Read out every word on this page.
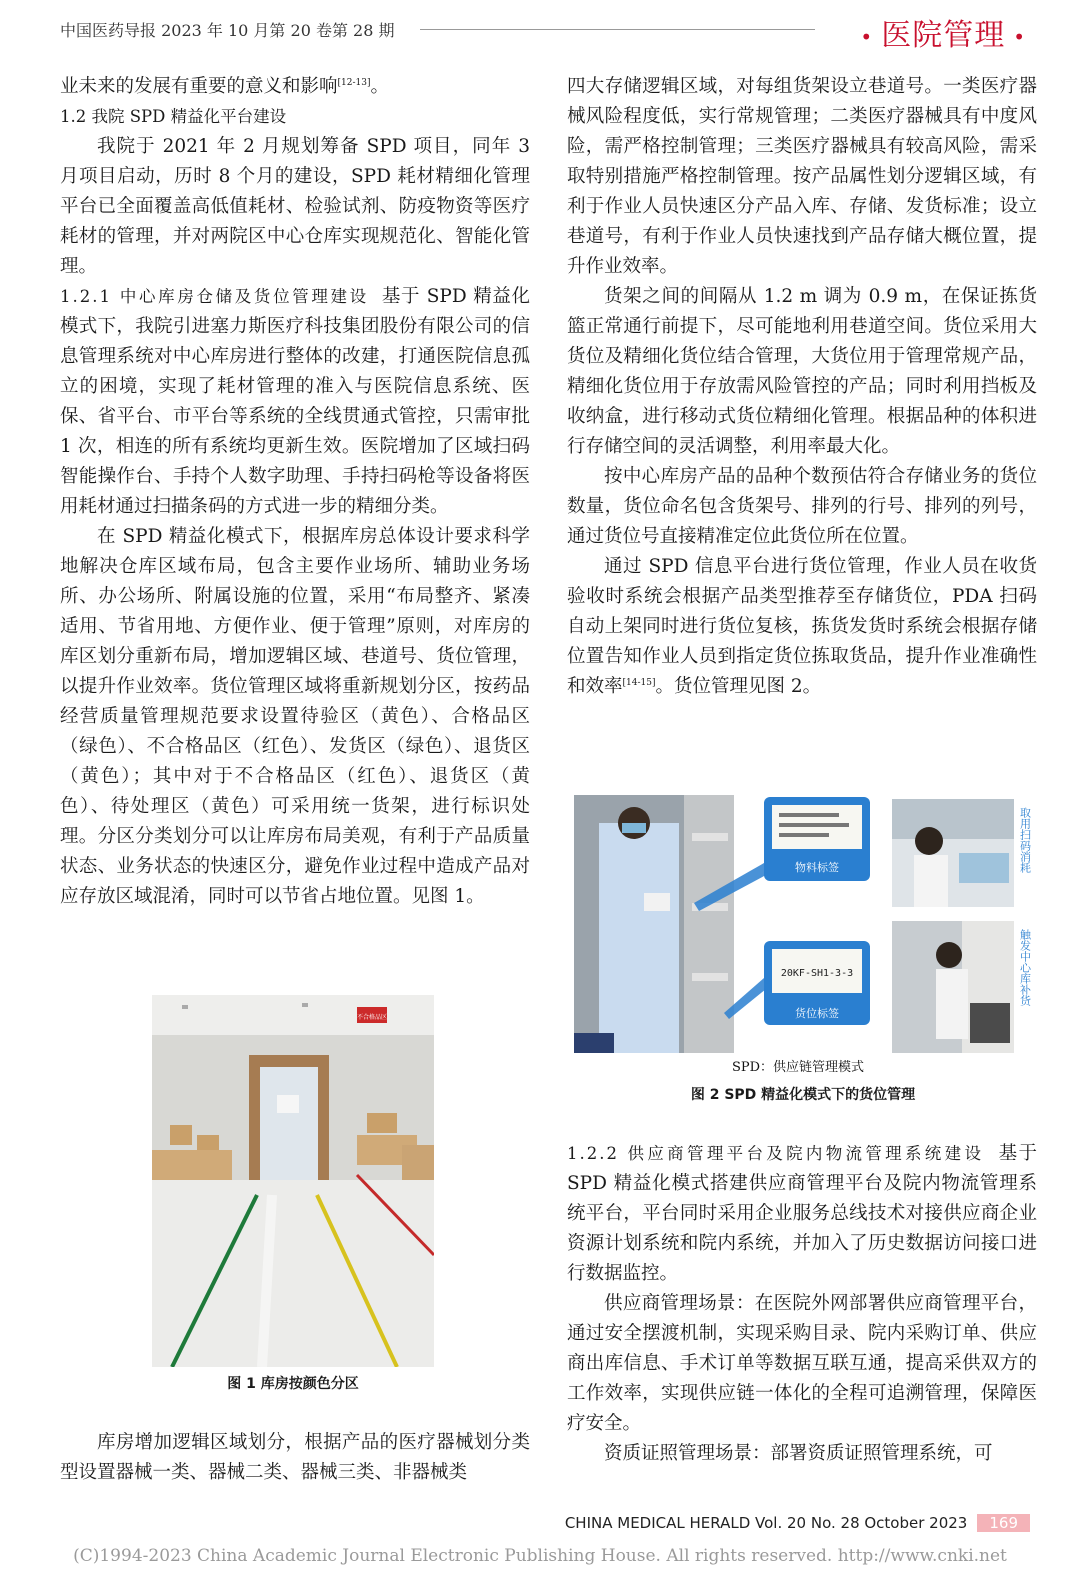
中国医药导报 2023 年 10 月第 20 卷第 28 期	• 医院管理 •

业未来的发展有重要的意义和影响[12-13]。

1.2 我院 SPD 精益化平台建设

我院于 2021 年 2 月规划筹备 SPD 项目，同年 3 月项目启动，历时 8 个月的建设，SPD 耗材精细化管理平台已全面覆盖高低值耗材、检验试剂、防疫物资等医疗耗材的管理，并对两院区中心仓库实现规范化、智能化管理。

1.2.1 中心库房仓储及货位管理建设 基于 SPD 精益化模式下，我院引进塞力斯医疗科技集团股份有限公司的信息管理系统对中心库房进行整体的改建，打通医院信息孤立的困境，实现了耗材管理的准入与医院信息系统、医保、省平台、市平台等系统的全线贯通式管控，只需审批 1 次，相连的所有系统均更新生效。医院增加了区域扫码智能操作台、手持个人数字助理、手持扫码枪等设备将医用耗材通过扫描条码的方式进一步的精细分类。

在 SPD 精益化模式下，根据库房总体设计要求科学地解决仓库区域布局，包含主要作业场所、辅助业务场所、办公场所、附属设施的位置，采用“布局整齐、紧凑适用、节省用地、方便作业、便于管理”原则，对库房的库区划分重新布局，增加逻辑区域、巷道号、货位管理，以提升作业效率。货位管理区域将重新规划分区，按药品经营质量管理规范要求设置待验区（黄色）、合格品区（绿色）、不合格品区（红色）、发货区（绿色）、退货区（黄色）；其中对于不合格品区（红色）、退货区（黄色）、待处理区（黄色）可采用统一货架，进行标识处理。分区分类划分可以让库房布局美观，有利于产品质量状态、业务状态的快速区分，避免作业过程中造成产品对应存放区域混淆，同时可以节省占地位置。见图 1。

不合格品区
图 1 库房按颜色分区

库房增加逻辑区域划分，根据产品的医疗器械划分类型设置器械一类、器械二类、器械三类、非器械类

四大存储逻辑区域，对每组货架设立巷道号。一类医疗器械风险程度低，实行常规管理；二类医疗器械具有中度风险，需严格控制管理；三类医疗器械具有较高风险，需采取特别措施严格控制管理。按产品属性划分逻辑区域，有利于作业人员快速区分产品入库、存储、发货标准；设立巷道号，有利于作业人员快速找到产品存储大概位置，提升作业效率。

货架之间的间隔从 1.2 m 调为 0.9 m，在保证拣货篮正常通行前提下，尽可能地利用巷道空间。货位采用大货位及精细化货位结合管理，大货位用于管理常规产品，精细化货位用于存放需风险管控的产品；同时利用挡板及收纳盒，进行移动式货位精细化管理。根据品种的体积进行存储空间的灵活调整，利用率最大化。

按中心库房产品的品种个数预估符合存储业务的货位数量，货位命名包含货架号、排列的行号、排列的列号，通过货位号直接精准定位此货位所在位置。

通过 SPD 信息平台进行货位管理，作业人员在收货验收时系统会根据产品类型推荐至存储货位，PDA 扫码自动上架同时进行货位复核，拣货发货时系统会根据存储位置告知作业人员到指定货位拣取货品，提升作业准确性和效率[14-15]。货位管理见图 2。

物料标签
20KF-SH1-3-3
货位标签
取用扫码消耗
触发中心库补货
SPD：供应链管理模式
图 2 SPD 精益化模式下的货位管理

1.2.2 供应商管理平台及院内物流管理系统建设 基于 SPD 精益化模式搭建供应商管理平台及院内物流管理系统平台，平台同时采用企业服务总线技术对接供应商企业资源计划系统和院内系统，并加入了历史数据访问接口进行数据监控。

供应商管理场景：在医院外网部署供应商管理平台，通过安全摆渡机制，实现采购目录、院内采购订单、供应商出库信息、手术订单等数据互联互通，提高采供双方的工作效率，实现供应链一体化的全程可追溯管理，保障医疗安全。

资质证照管理场景：部署资质证照管理系统，可

CHINA MEDICAL HERALD Vol. 20 No. 28 October 2023 169
(C)1994-2023 China Academic Journal Electronic Publishing House. All rights reserved. http://www.cnki.net
